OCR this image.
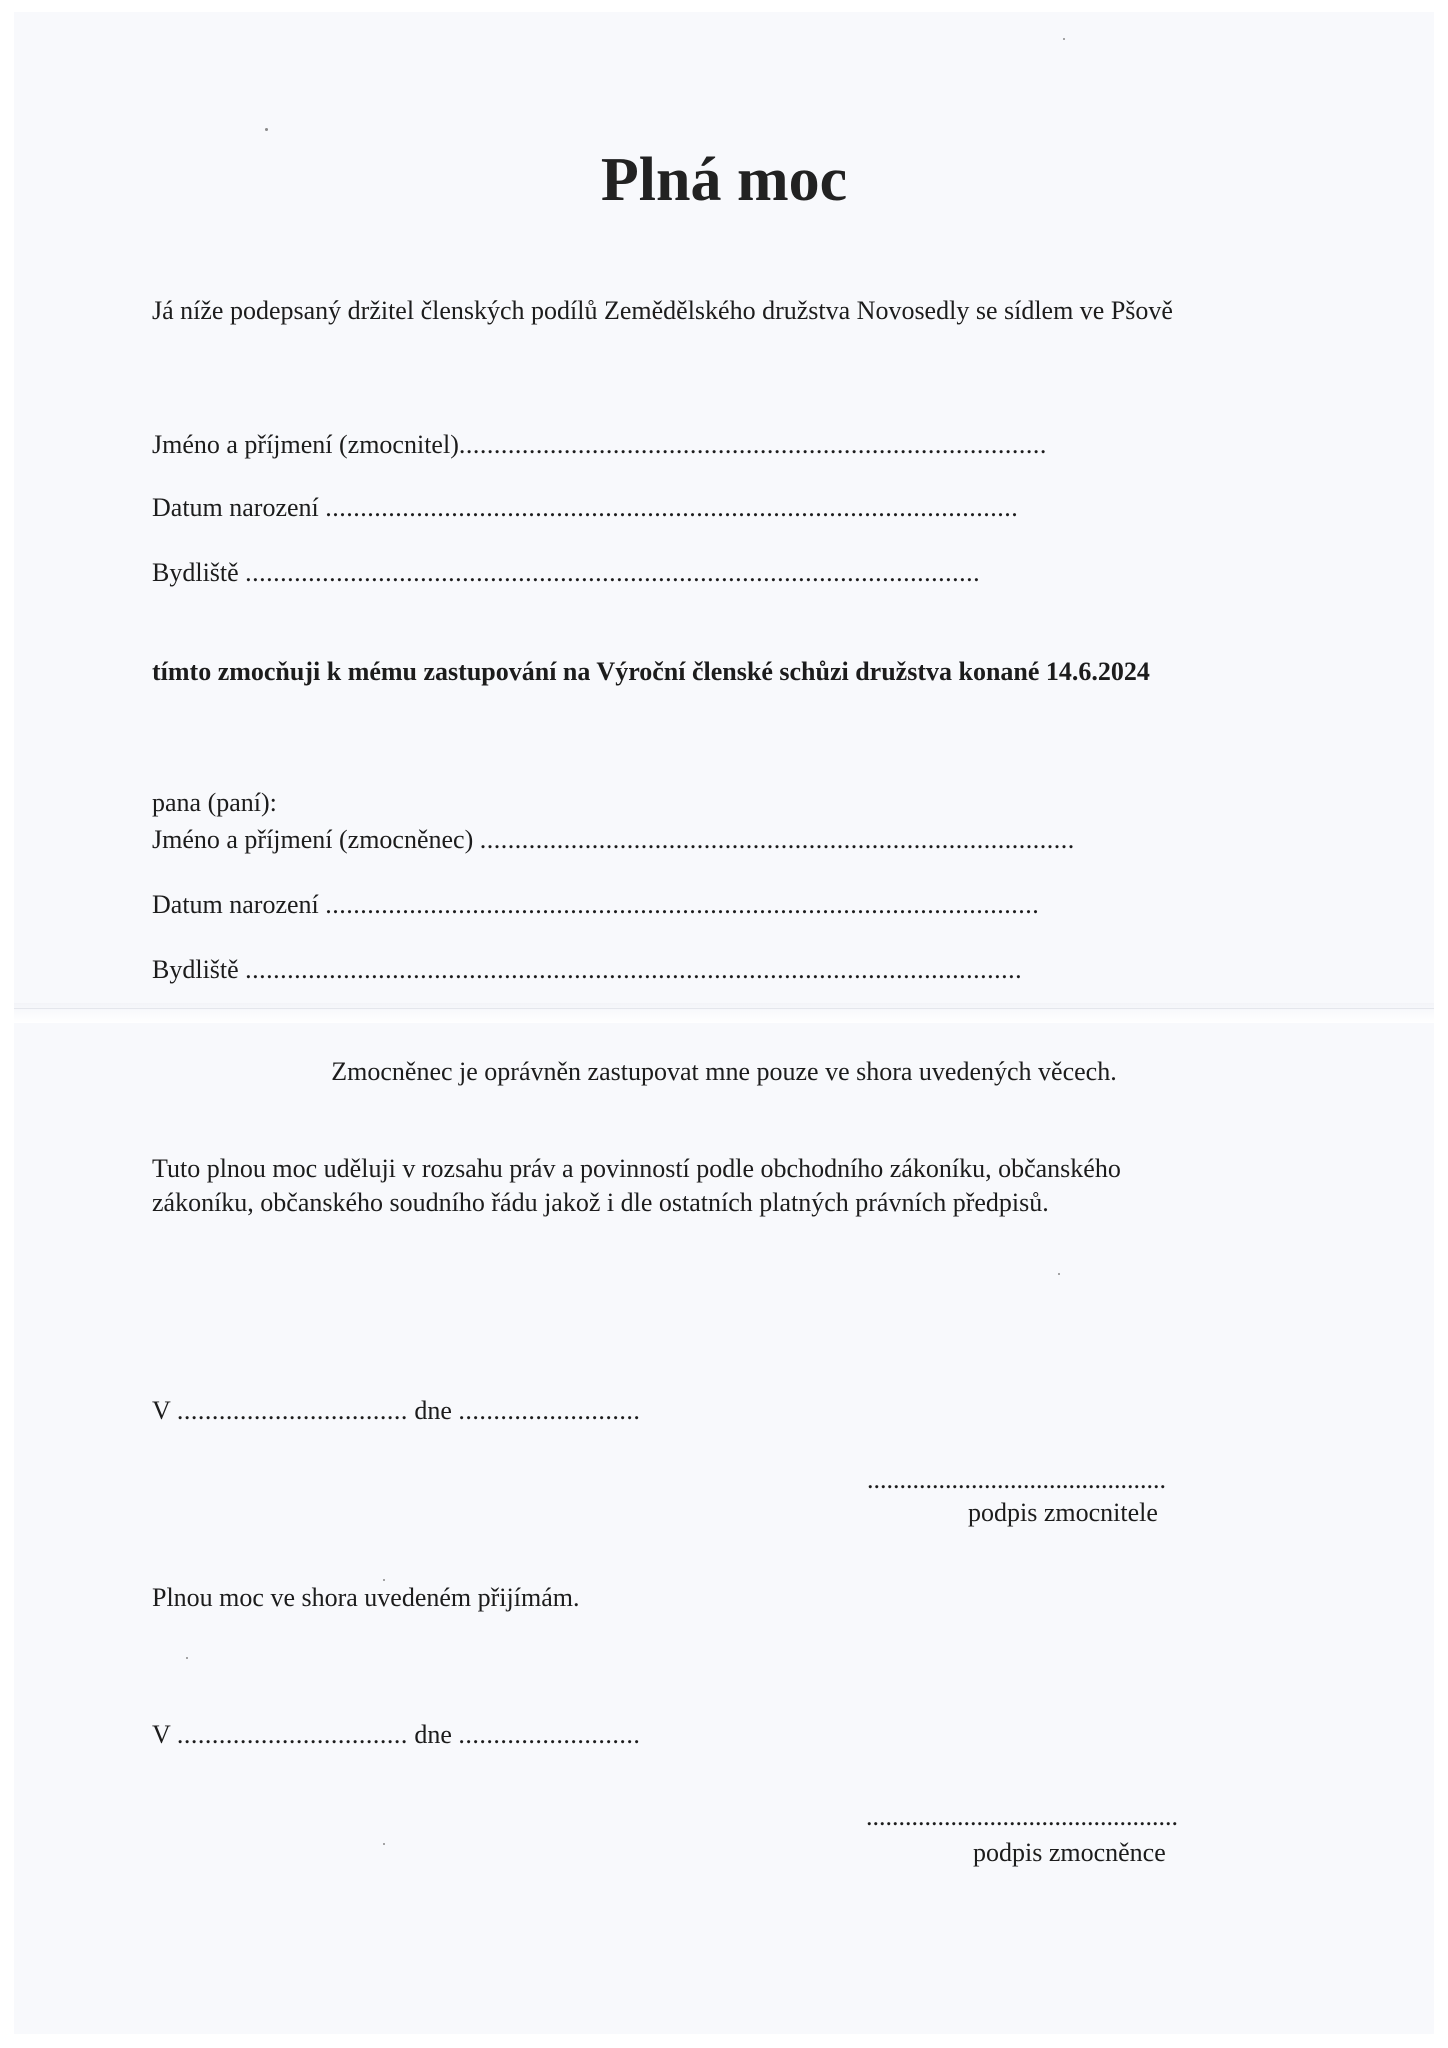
Plná moc
Já níže podepsaný držitel členských podílů Zemědělského družstva Novosedly se sídlem ve Pšově
Jméno a příjmení (zmocnitel)....................................................................................
Datum narození ...................................................................................................
Bydliště .........................................................................................................
tímto zmocňuji k mému zastupování na Výroční členské schůzi družstva konané 14.6.2024
pana (paní):
Jméno a příjmení (zmocněnec) .....................................................................................
Datum narození ......................................................................................................
Bydliště ...............................................................................................................
Zmocněnec je oprávněn zastupovat mne pouze ve shora uvedených věcech.
Tuto plnou moc uděluji v rozsahu práv a povinností podle obchodního zákoníku, občanského
zákoníku, občanského soudního řádu jakož i dle ostatních platných právních předpisů.
V ................................. dne ..........................
..............................................
podpis zmocnitele
Plnou moc ve shora uvedeném přijímám.
V ................................. dne ..........................
................................................
podpis zmocněnce
